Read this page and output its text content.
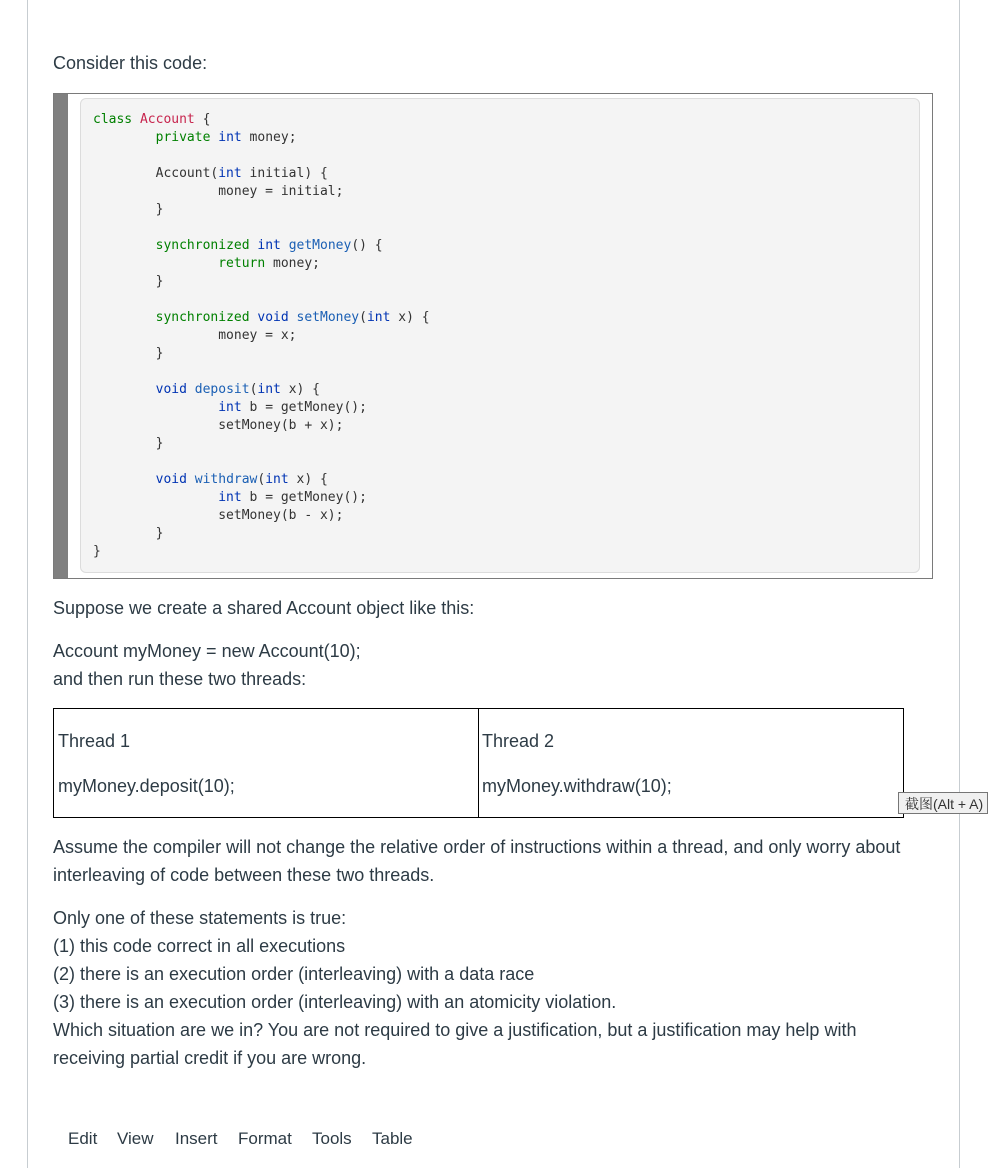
Consider this code:

class Account {
private int money;
Account(int initial) {
money = initial;
}
synchronized int getMoney() {
return money;
}
synchronized void setMoney(int x) {
money = x;
}
void deposit(int x) {
int b = getMoney();
setMoney(b + x);
}
void withdraw(int x) {
int b = getMoney();
setMoney(b - x);
}
}

Suppose we create a shared Account object like this:

Account myMoney = new Account(10);

and then run these two threads:

Thread 1	Thread 2
myMoney.deposit(10);	myMoney.withdraw(10);
截图(Alt + A)

Assume the compiler will not change the relative order of instructions within a thread, and only worry about

interleaving of code between these two threads.

Only one of these statements is true:

(1) this code correct in all executions

(2) there is an execution order (interleaving) with a data race

(3) there is an execution order (interleaving) with an atomicity violation.

Which situation are we in? You are not required to give a justification, but a justification may help with

receiving partial credit if you are wrong.

Edit View Insert Format Tools Table
